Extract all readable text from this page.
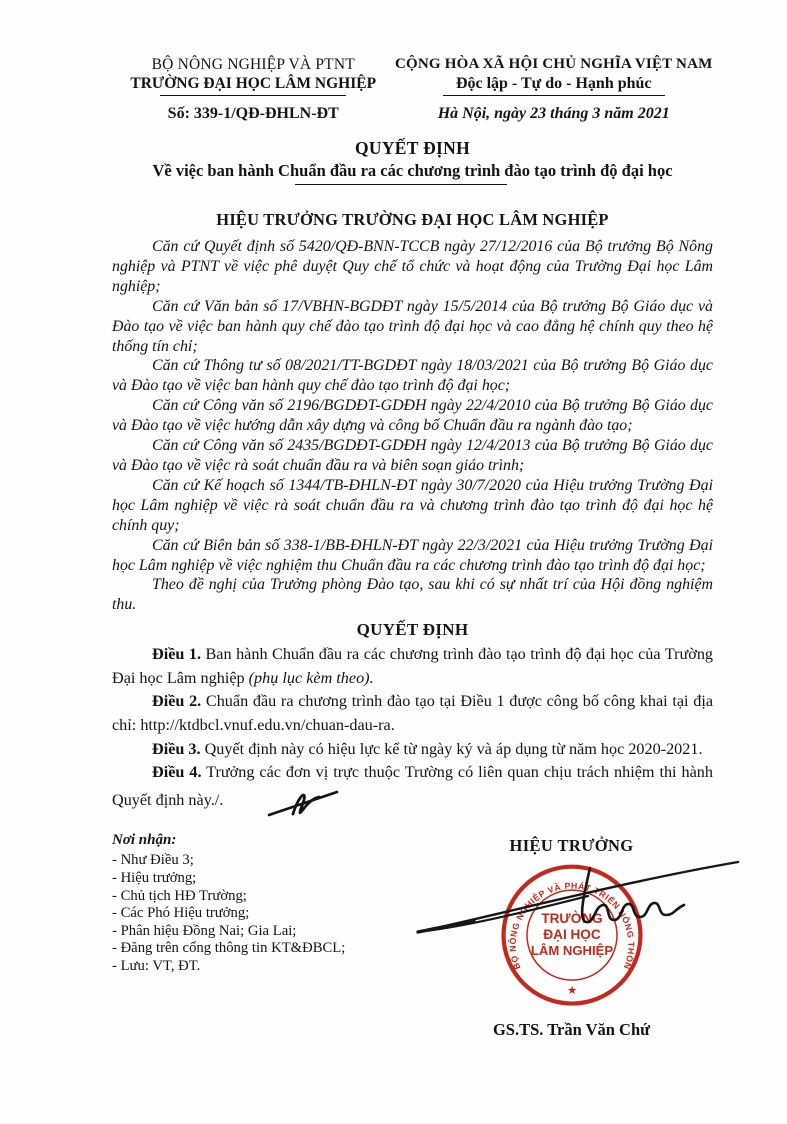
BỘ NÔNG NGHIỆP VÀ PTNT
TRƯỜNG ĐẠI HỌC LÂM NGHIỆP
Số: 339-1/QĐ-ĐHLN-ĐT
CỘNG HÒA XÃ HỘI CHỦ NGHĨA VIỆT NAM
Độc lập - Tự do - Hạnh phúc
Hà Nội, ngày 23 tháng 3 năm 2021
QUYẾT ĐỊNH
Về việc ban hành Chuẩn đầu ra các chương trình đào tạo trình độ đại học
HIỆU TRƯỞNG TRƯỜNG ĐẠI HỌC LÂM NGHIỆP

Căn cứ Quyết định số 5420/QĐ-BNN-TCCB ngày 27/12/2016 của Bộ trưởng Bộ Nông nghiệp và PTNT về việc phê duyệt Quy chế tổ chức và hoạt động của Trường Đại học Lâm nghiệp;

Căn cứ Văn bản số 17/VBHN-BGDĐT ngày 15/5/2014 của Bộ trưởng Bộ Giáo dục và Đào tạo về việc ban hành quy chế đào tạo trình độ đại học và cao đẳng hệ chính quy theo hệ thống tín chỉ;

Căn cứ Thông tư số 08/2021/TT-BGDĐT ngày 18/03/2021 của Bộ trưởng Bộ Giáo dục và Đào tạo về việc ban hành quy chế đào tạo trình độ đại học;

Căn cứ Công văn số 2196/BGDĐT-GDĐH ngày 22/4/2010 của Bộ trưởng Bộ Giáo dục và Đào tạo về việc hướng dẫn xây dựng và công bố Chuẩn đầu ra ngành đào tạo;

Căn cứ Công văn số 2435/BGDĐT-GDĐH ngày 12/4/2013 của Bộ trưởng Bộ Giáo dục và Đào tạo về việc rà soát chuẩn đầu ra và biên soạn giáo trình;

Căn cứ Kế hoạch số 1344/TB-ĐHLN-ĐT ngày 30/7/2020 của Hiệu trưởng Trường Đại học Lâm nghiệp về việc rà soát chuẩn đầu ra và chương trình đào tạo trình độ đại học hệ chính quy;

Căn cứ Biên bản số 338-1/BB-ĐHLN-ĐT ngày 22/3/2021 của Hiệu trưởng Trường Đại học Lâm nghiệp về việc nghiệm thu Chuẩn đầu ra các chương trình đào tạo trình độ đại học;

Theo đề nghị của Trưởng phòng Đào tạo, sau khi có sự nhất trí của Hội đồng nghiệm thu.

QUYẾT ĐỊNH

Điều 1. Ban hành Chuẩn đầu ra các chương trình đào tạo trình độ đại học của Trường Đại học Lâm nghiệp (phụ lục kèm theo).

Điều 2. Chuẩn đầu ra chương trình đào tạo tại Điều 1 được công bố công khai tại địa chỉ: http://ktdbcl.vnuf.edu.vn/chuan-dau-ra.

Điều 3. Quyết định này có hiệu lực kể từ ngày ký và áp dụng từ năm học 2020-2021.

Điều 4. Trưởng các đơn vị trực thuộc Trường có liên quan chịu trách nhiệm thi hành Quyết định này./.

Nơi nhận:
- Như Điều 3;
- Hiệu trưởng;
- Chủ tịch HĐ Trường;
- Các Phó Hiệu trưởng;
- Phân hiệu Đồng Nai; Gia Lai;
- Đăng trên cổng thông tin KT&ĐBCL;
- Lưu: VT, ĐT.
HIỆU TRƯỞNG
BỘ NÔNG NGHIỆP VÀ PHÁT TRIỂN NÔNG THÔN
★
TRƯỜNG
ĐẠI HỌC
LÂM NGHIỆP
GS.TS. Trần Văn Chứ
